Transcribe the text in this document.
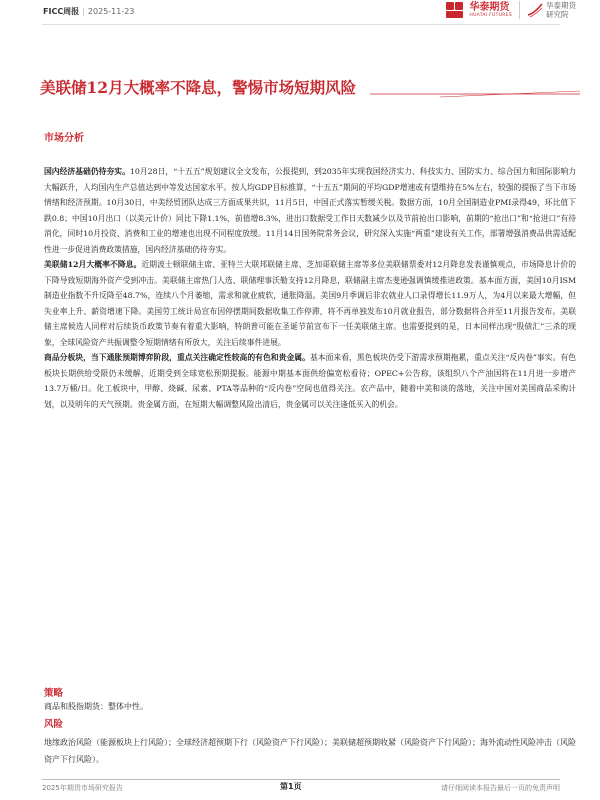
FICC周报 | 2025-11-23	华泰期货
HUATAI FUTURES
华泰期货
研究院
美联储12月大概率不降息，警惕市场短期风险
市场分析

国内经济基础仍待夯实。10月28日，“十五五”规划建议全文发布，公报提到，到2035年实现我国经济实力、科技实力、国防实力、综合国力和国际影响力大幅跃升，人均国内生产总值达到中等发达国家水平。按人均GDP目标推算，“十五五”期间的平均GDP增速或有望维持在5%左右，较强的提振了当下市场情绪和经济预期。10月30日，中美经贸团队达成三方面成果共识，11月5日，中国正式落实暂缓关税。数据方面，10月全国制造业PMI录得49，环比值下跌0.8；中国10月出口（以美元计价）同比下降1.1%，前值增8.3%，进出口数据受工作日天数减少以及节前抢出口影响，前期的“抢出口”和“抢进口”有待消化，同时10月投资、消费和工业的增速也出现不同程度放缓。11月14日国务院常务会议，研究深入实施“两重”建设有关工作，部署增强消费品供需适配性进一步促进消费政策措施，国内经济基础仍待夯实。

美联储12月大概率不降息。近期波士顿联储主席、亚特兰大联邦联储主席、芝加哥联储主席等多位美联储票委对12月降息发表谨慎观点，市场降息计价的下降导致短期海外资产受到冲击。美联储主席热门人选、联储理事沃勒支持12月降息，联储副主席杰斐逊强调慎缓推进政策。基本面方面，美国10月ISM制造业指数不升反降至48.7%，连续八个月萎缩，需求和就业疲软，通胀降温。美国9月季调后非农就业人口录得增长11.9万人，为4月以来最大增幅，但失业率上升、薪资增速下降。美国劳工统计局宣布因停摆期间数据收集工作停滞，将不再单独发布10月就业报告，部分数据将合并至11月报告发布。美联储主席候选人同样对后续货币政策节奏有着重大影响，特朗普可能在圣诞节前宣布下一任美联储主席。也需要提到的是，日本同样出现“股债汇”三杀的现象，全球风险资产共振调整令短期情绪有所放大，关注后续事件进展。

商品分板块，当下通胀预期博弈阶段，重点关注确定性较高的有色和贵金属。基本面来看，黑色板块仍受下游需求预期拖累，重点关注“反内卷”事实。有色板块长期供给受限仍未缓解，近期受到全球宽松预期提振。能源中期基本面供给偏宽松看待；OPEC+公告称，该组织八个产油国将在11月进一步增产13.7万桶/日。化工板块中，甲醇、烧碱、尿素、PTA等品种的“反内卷”空间也值得关注。农产品中，随着中美和谈的落地，关注中国对美国商品采购计划，以及明年的天气预期。贵金属方面，在短期大幅调整风险出清后，贵金属可以关注逢低买入的机会。

策略
商品和股指期货：整体中性。
风险
地缘政治风险（能源板块上行风险）；全球经济超预期下行（风险资产下行风险）；美联储超预期收紧（风险资产下行风险）；海外流动性风险冲击（风险资产下行风险）。
2025年期货市场研究报告	第1页	请仔细阅读本报告最后一页的免责声明
